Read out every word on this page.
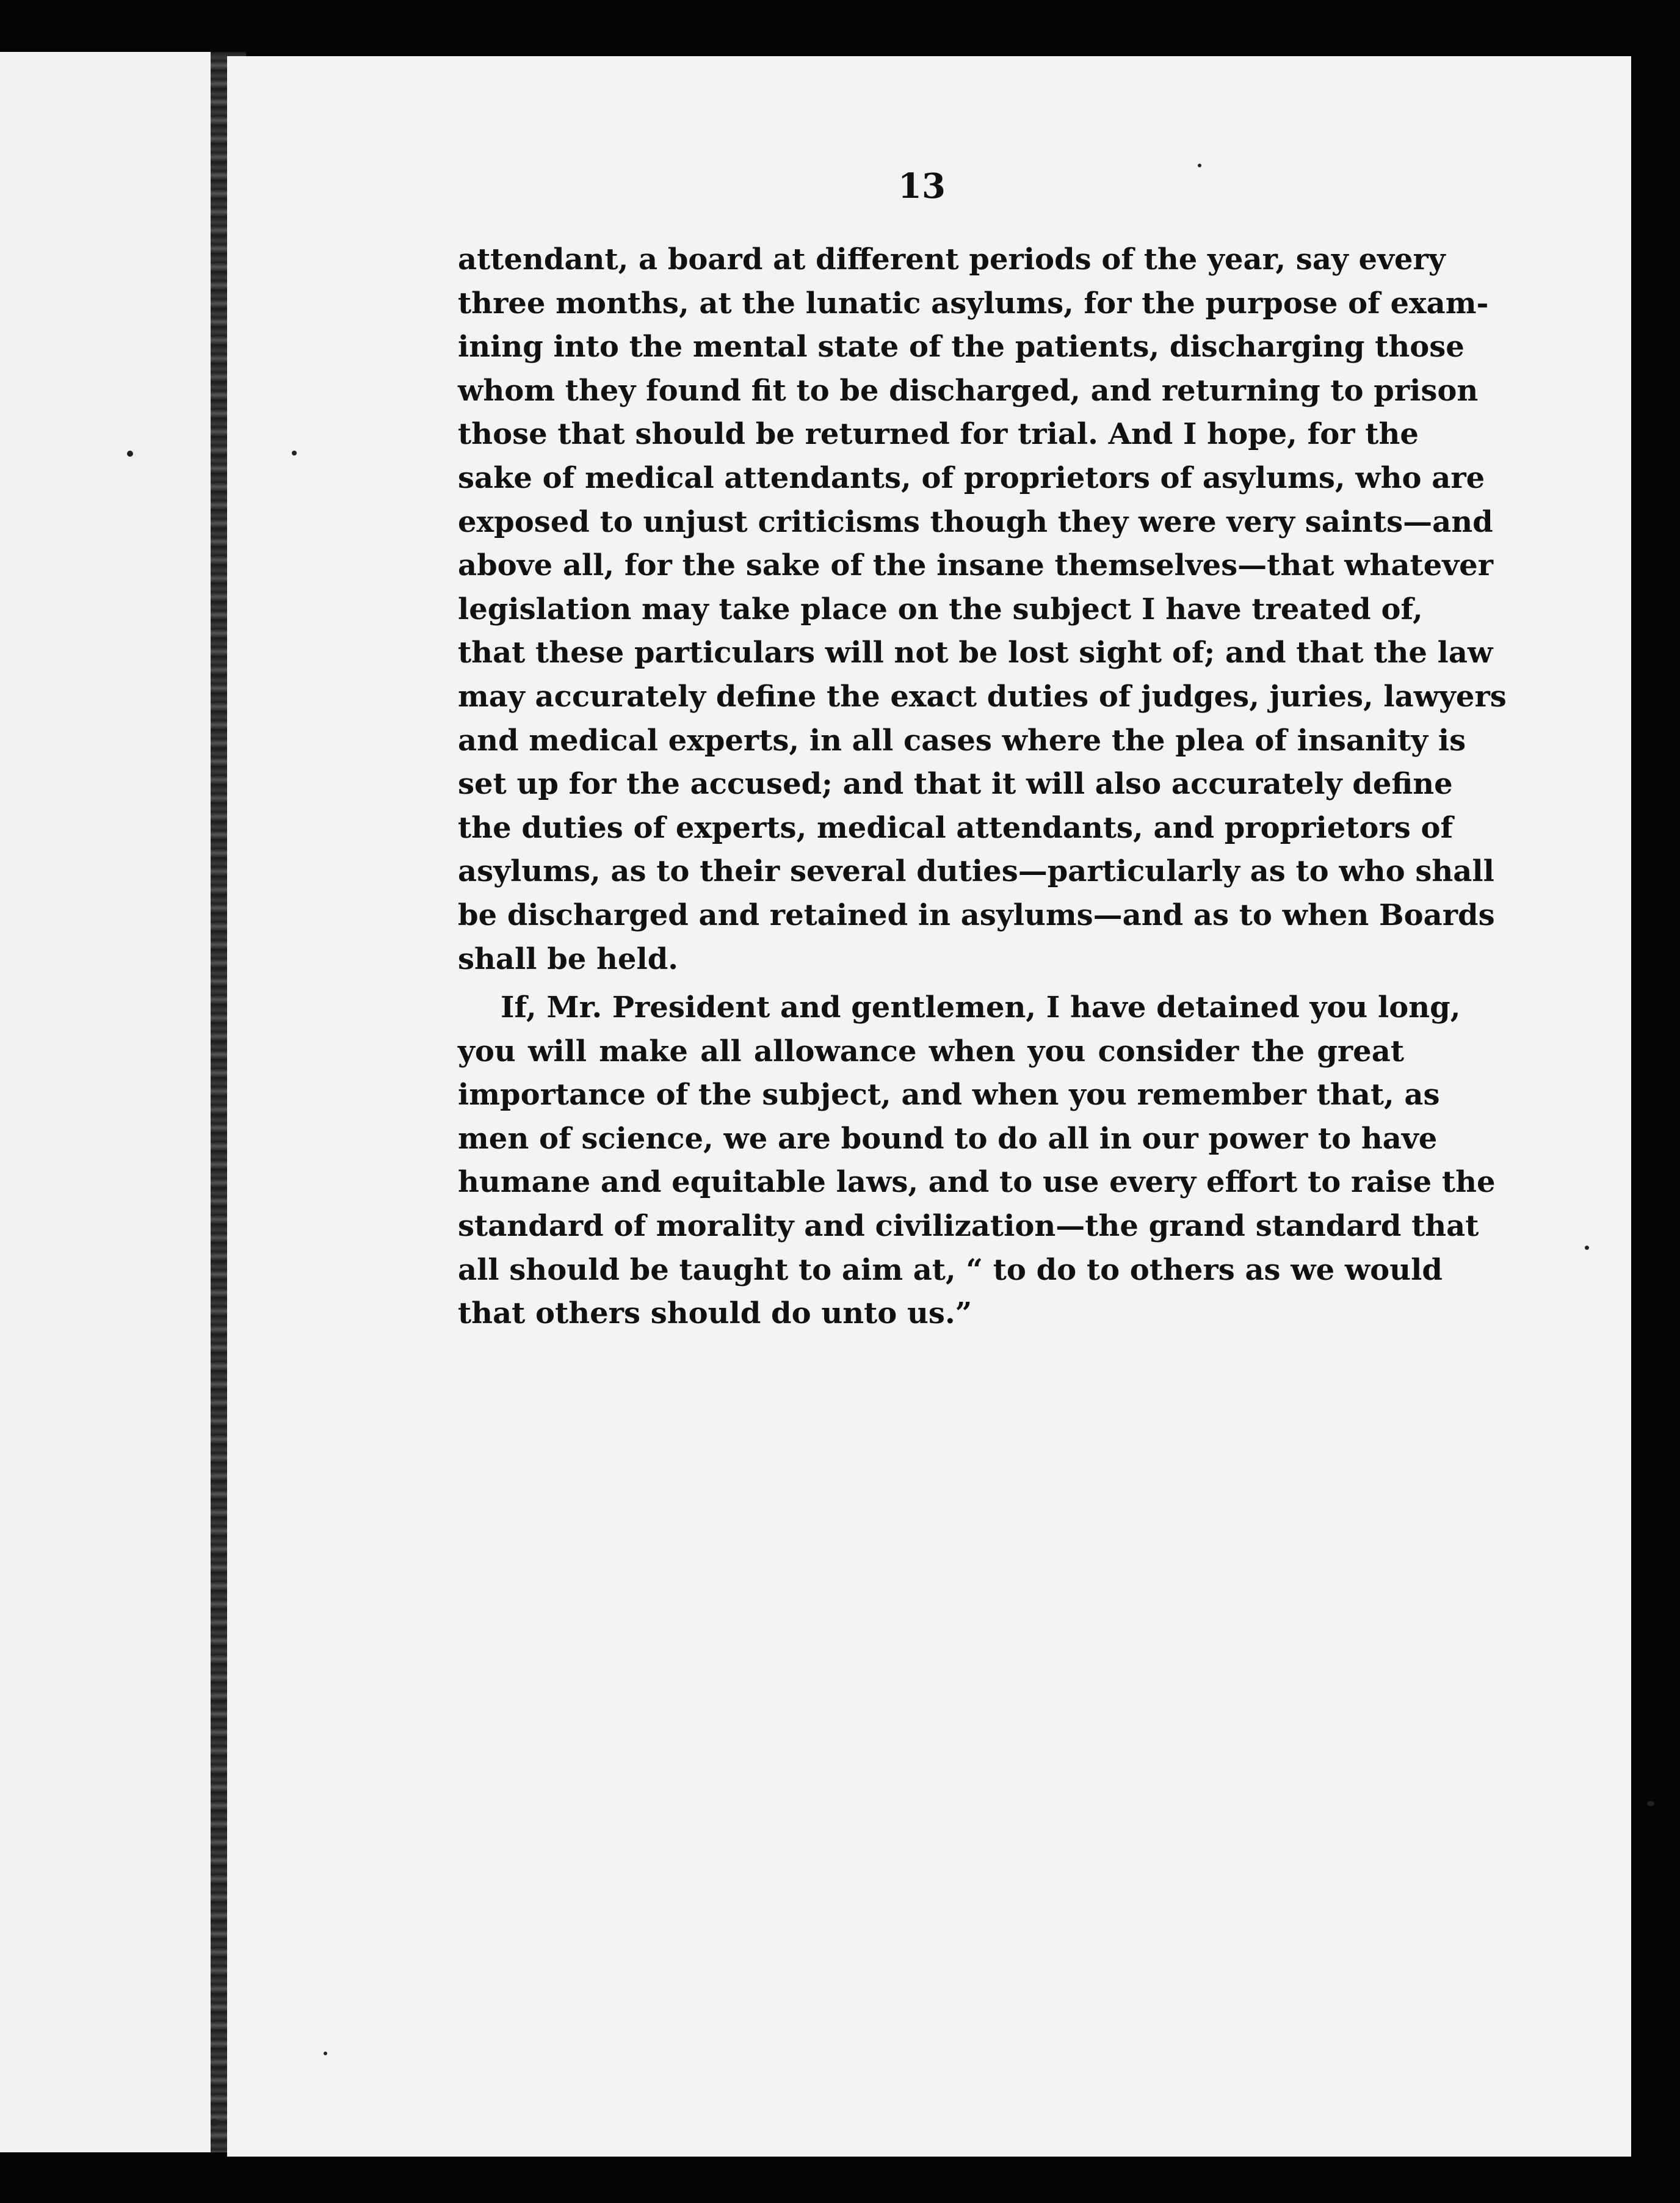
13
attendant, a board at different periods of the year, say every
three months, at the lunatic asylums, for the purpose of exam-
ining into the mental state of the patients, discharging those
whom they found fit to be discharged, and returning to prison
those that should be returned for trial. And I hope, for the
sake of medical attendants, of proprietors of asylums, who are
exposed to unjust criticisms though they were very saints—and
above all, for the sake of the insane themselves—that whatever
legislation may take place on the subject I have treated of,
that these particulars will not be lost sight of; and that the law
may accurately define the exact duties of judges, juries, lawyers
and medical experts, in all cases where the plea of insanity is
set up for the accused; and that it will also accurately define
the duties of experts, medical attendants, and proprietors of
asylums, as to their several duties—particularly as to who shall
be discharged and retained in asylums—and as to when Boards
shall be held.
If, Mr. President and gentlemen, I have detained you long,
you will make all allowance when you consider the great
importance of the subject, and when you remember that, as
men of science, we are bound to do all in our power to have
humane and equitable laws, and to use every effort to raise the
standard of morality and civilization—the grand standard that
all should be taught to aim at, “ to do to others as we would
that others should do unto us.”
